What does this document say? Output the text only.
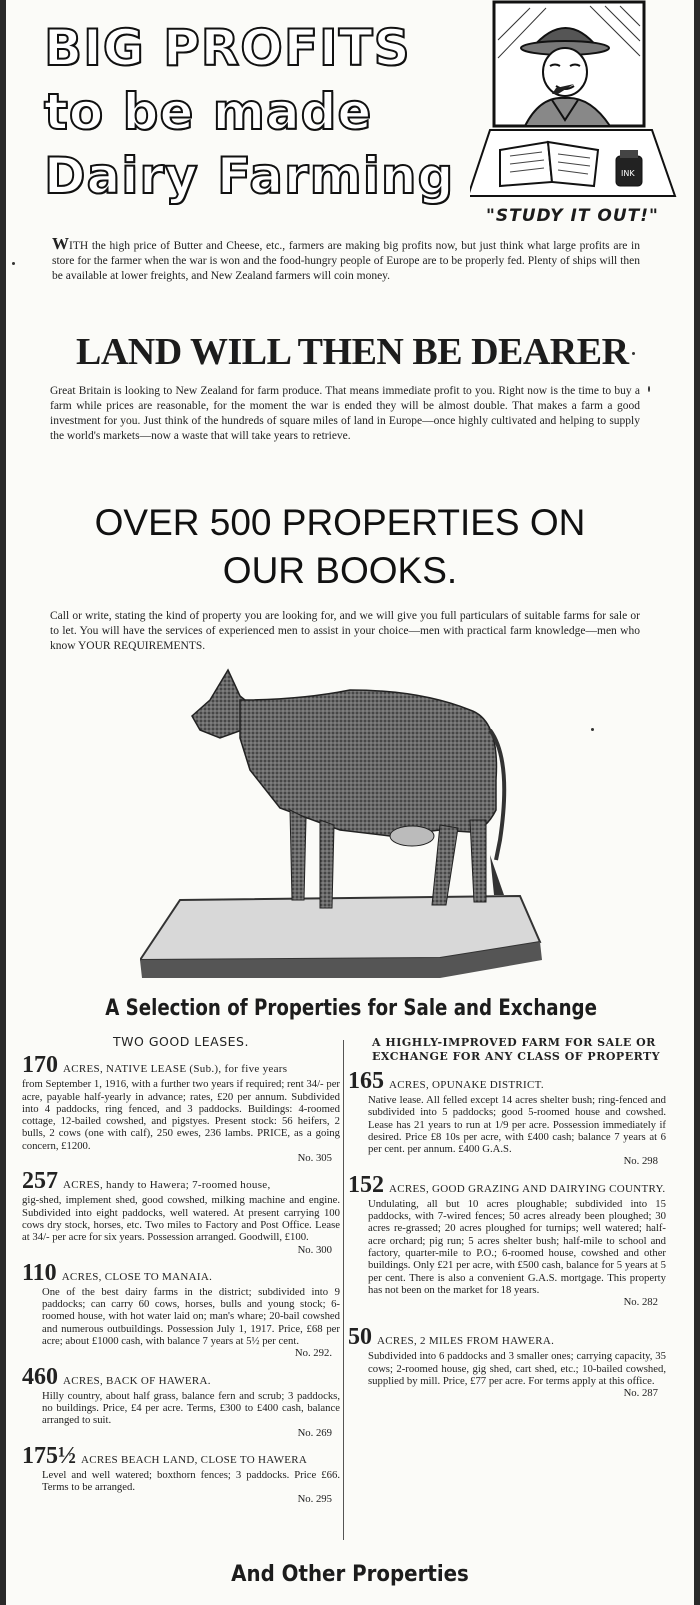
BIG PROFITS
to be made
Dairy Farming	INK
"STUDY IT OUT!"
WITH the high price of Butter and Cheese, etc., farmers are making big profits now, but just think what large profits are in store for the farmer when the war is won and the food-hungry people of Europe are to be properly fed. Plenty of ships will then be available at lower freights, and New Zealand farmers will coin money.
LAND WILL THEN BE DEARER
Great Britain is looking to New Zealand for farm produce. That means immediate profit to you. Right now is the time to buy a farm while prices are reasonable, for the moment the war is ended they will be almost double. That makes a farm a good investment for you. Just think of the hundreds of square miles of land in Europe—once highly cultivated and helping to supply the world's markets—now a waste that will take years to retrieve.
OVER 500 PROPERTIES ON
OUR BOOKS.
Call or write, stating the kind of property you are looking for, and we will give you full particulars of suitable farms for sale or to let. You will have the services of experienced men to assist in your choice—men with practical farm knowledge—men who know YOUR REQUIREMENTS.
A Selection of Properties for Sale and Exchange
TWO GOOD LEASES.
170 ACRES, NATIVE LEASE (Sub.), for five years
from September 1, 1916, with a further two years if required; rent 34/- per acre, payable half-yearly in advance; rates, £20 per annum. Subdivided into 4 paddocks, ring fenced, and 3 paddocks. Buildings: 4-roomed cottage, 12-bailed cowshed, and pigstyes. Present stock: 56 heifers, 2 bulls, 2 cows (one with calf), 250 ewes, 236 lambs. PRICE, as a going concern, £1200.
No. 305
257 ACRES, handy to Hawera; 7-roomed house,
gig-shed, implement shed, good cowshed, milking machine and engine. Subdivided into eight paddocks, well watered. At present carrying 100 cows dry stock, horses, etc. Two miles to Factory and Post Office. Lease at 34/- per acre for six years. Possession arranged. Goodwill, £100.
No. 300
110 ACRES, CLOSE TO MANAIA.
One of the best dairy farms in the district; subdivided into 9 paddocks; can carry 60 cows, horses, bulls and young stock; 6-roomed house, with hot water laid on; man's whare; 20-bail cowshed and numerous outbuildings. Possession July 1, 1917. Price, £68 per acre; about £1000 cash, with balance 7 years at 5½ per cent.
No. 292.
460 ACRES, BACK OF HAWERA.
Hilly country, about half grass, balance fern and scrub; 3 paddocks, no buildings. Price, £4 per acre. Terms, £300 to £400 cash, balance arranged to suit.
No. 269
175½ ACRES BEACH LAND, CLOSE TO HAWERA
Level and well watered; boxthorn fences; 3 paddocks. Price £66. Terms to be arranged.
No. 295
A HIGHLY-IMPROVED FARM FOR SALE OR EXCHANGE FOR ANY CLASS OF PROPERTY
165 ACRES, OPUNAKE DISTRICT.
Native lease. All felled except 14 acres shelter bush; ring-fenced and subdivided into 5 paddocks; good 5-roomed house and cowshed. Lease has 21 years to run at 1/9 per acre. Possession immediately if desired. Price £8 10s per acre, with £400 cash; balance 7 years at 6 per cent. per annum. £400 G.A.S.
No. 298
152 ACRES, GOOD GRAZING AND DAIRYING COUNTRY.
Undulating, all but 10 acres ploughable; subdivided into 15 paddocks, with 7-wired fences; 50 acres already been ploughed; 30 acres re-grassed; 20 acres ploughed for turnips; well watered; half-acre orchard; pig run; 5 acres shelter bush; half-mile to school and factory, quarter-mile to P.O.; 6-roomed house, cowshed and other buildings. Only £21 per acre, with £500 cash, balance for 5 years at 5 per cent. There is also a convenient G.A.S. mortgage. This property has not been on the market for 18 years.
No. 282
50 ACRES, 2 MILES FROM HAWERA.
Subdivided into 6 paddocks and 3 smaller ones; carrying capacity, 35 cows; 2-roomed house, gig shed, cart shed, etc.; 10-bailed cowshed, supplied by mill. Price, £77 per acre. For terms apply at this office.
No. 287
And Other Properties
